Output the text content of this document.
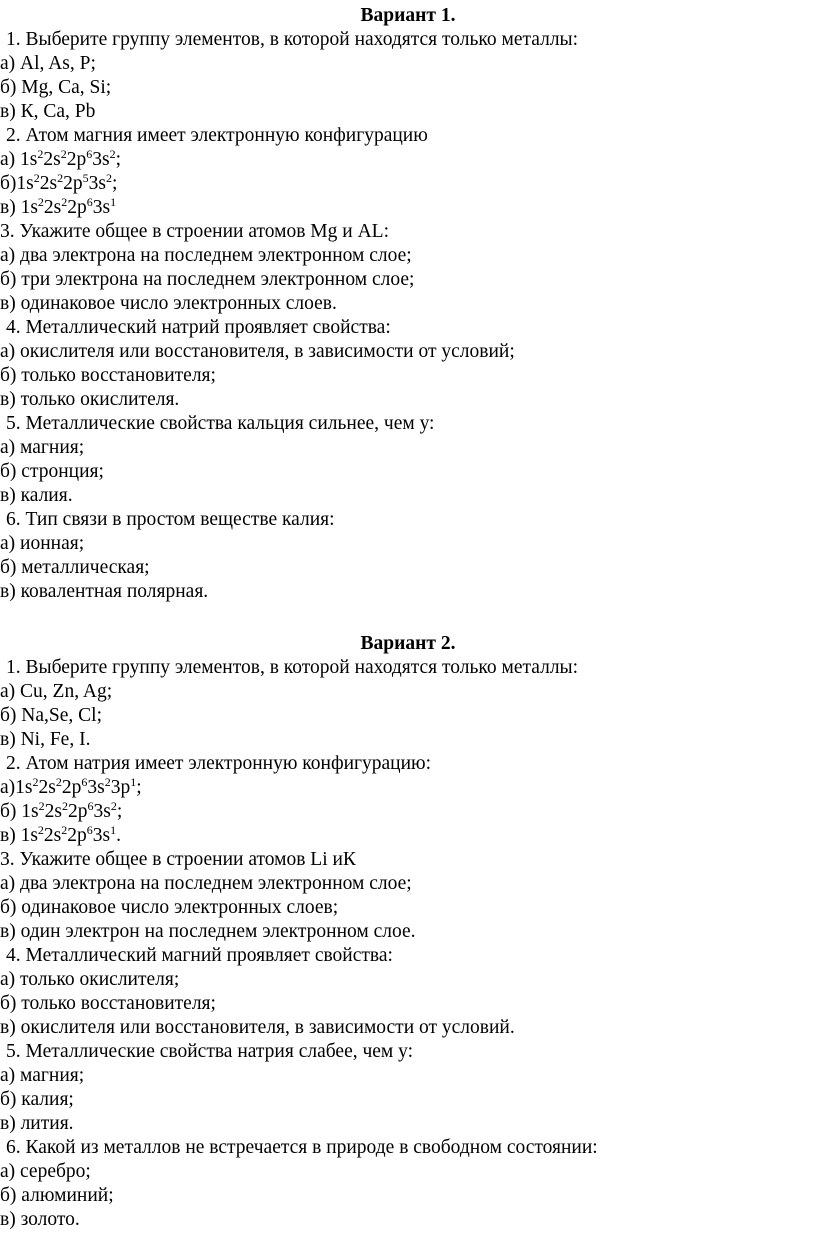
Вариант 1.
1. Выберите группу элементов, в которой находятся только металлы:
а) Al, As, P;
б) Mg, Ca, Si;
в) К, Ca, Pb
2. Атом магния имеет электронную конфигурацию
а) $1s^22s^22p^63s^2$;
$б)1s^22s^22p^53s^2$;
в) $1s^22s^22p^63s^1$
3. Укажите общее в строении атомов Mg и AL:
а) два электрона на последнем электронном слое;
б) три электрона на последнем электронном слое;
в) одинаковое число электронных слоев.
4. Металлический натрий проявляет свойства:
а) окислителя или восстановителя, в зависимости от условий;
б) только восстановителя;
в) только окислителя.
5. Металлические свойства кальция сильнее, чем у:
а) магния;
б) стронция;
в) калия.
6. Тип связи в простом веществе калия:
а) ионная;
б) металлическая;
в) ковалентная полярная.
Вариант 2.
1. Выберите группу элементов, в которой находятся только металлы:
а) Cu, Zn, Ag;
б) Na,Se, Cl;
в) Ni, Fe, I.
2. Атом натрия имеет электронную конфигурацию:
$а)1s^22s^22p^63s^23p^1$;
б) $1s^22s^22p^63s^2$;
в) $1s^22s^22p^63s^1$.
3. Укажите общее в строении атомов Li иК
а) два электрона на последнем электронном слое;
б) одинаковое число электронных слоев;
в) один электрон на последнем электронном слое.
4. Металлический магний проявляет свойства:
а) только окислителя;
б) только восстановителя;
в) окислителя или восстановителя, в зависимости от условий.
5. Металлические свойства натрия слабее, чем у:
а) магния;
б) калия;
в) лития.
6. Какой из металлов не встречается в природе в свободном состоянии:
а) серебро;
б) алюминий;
в) золото.
